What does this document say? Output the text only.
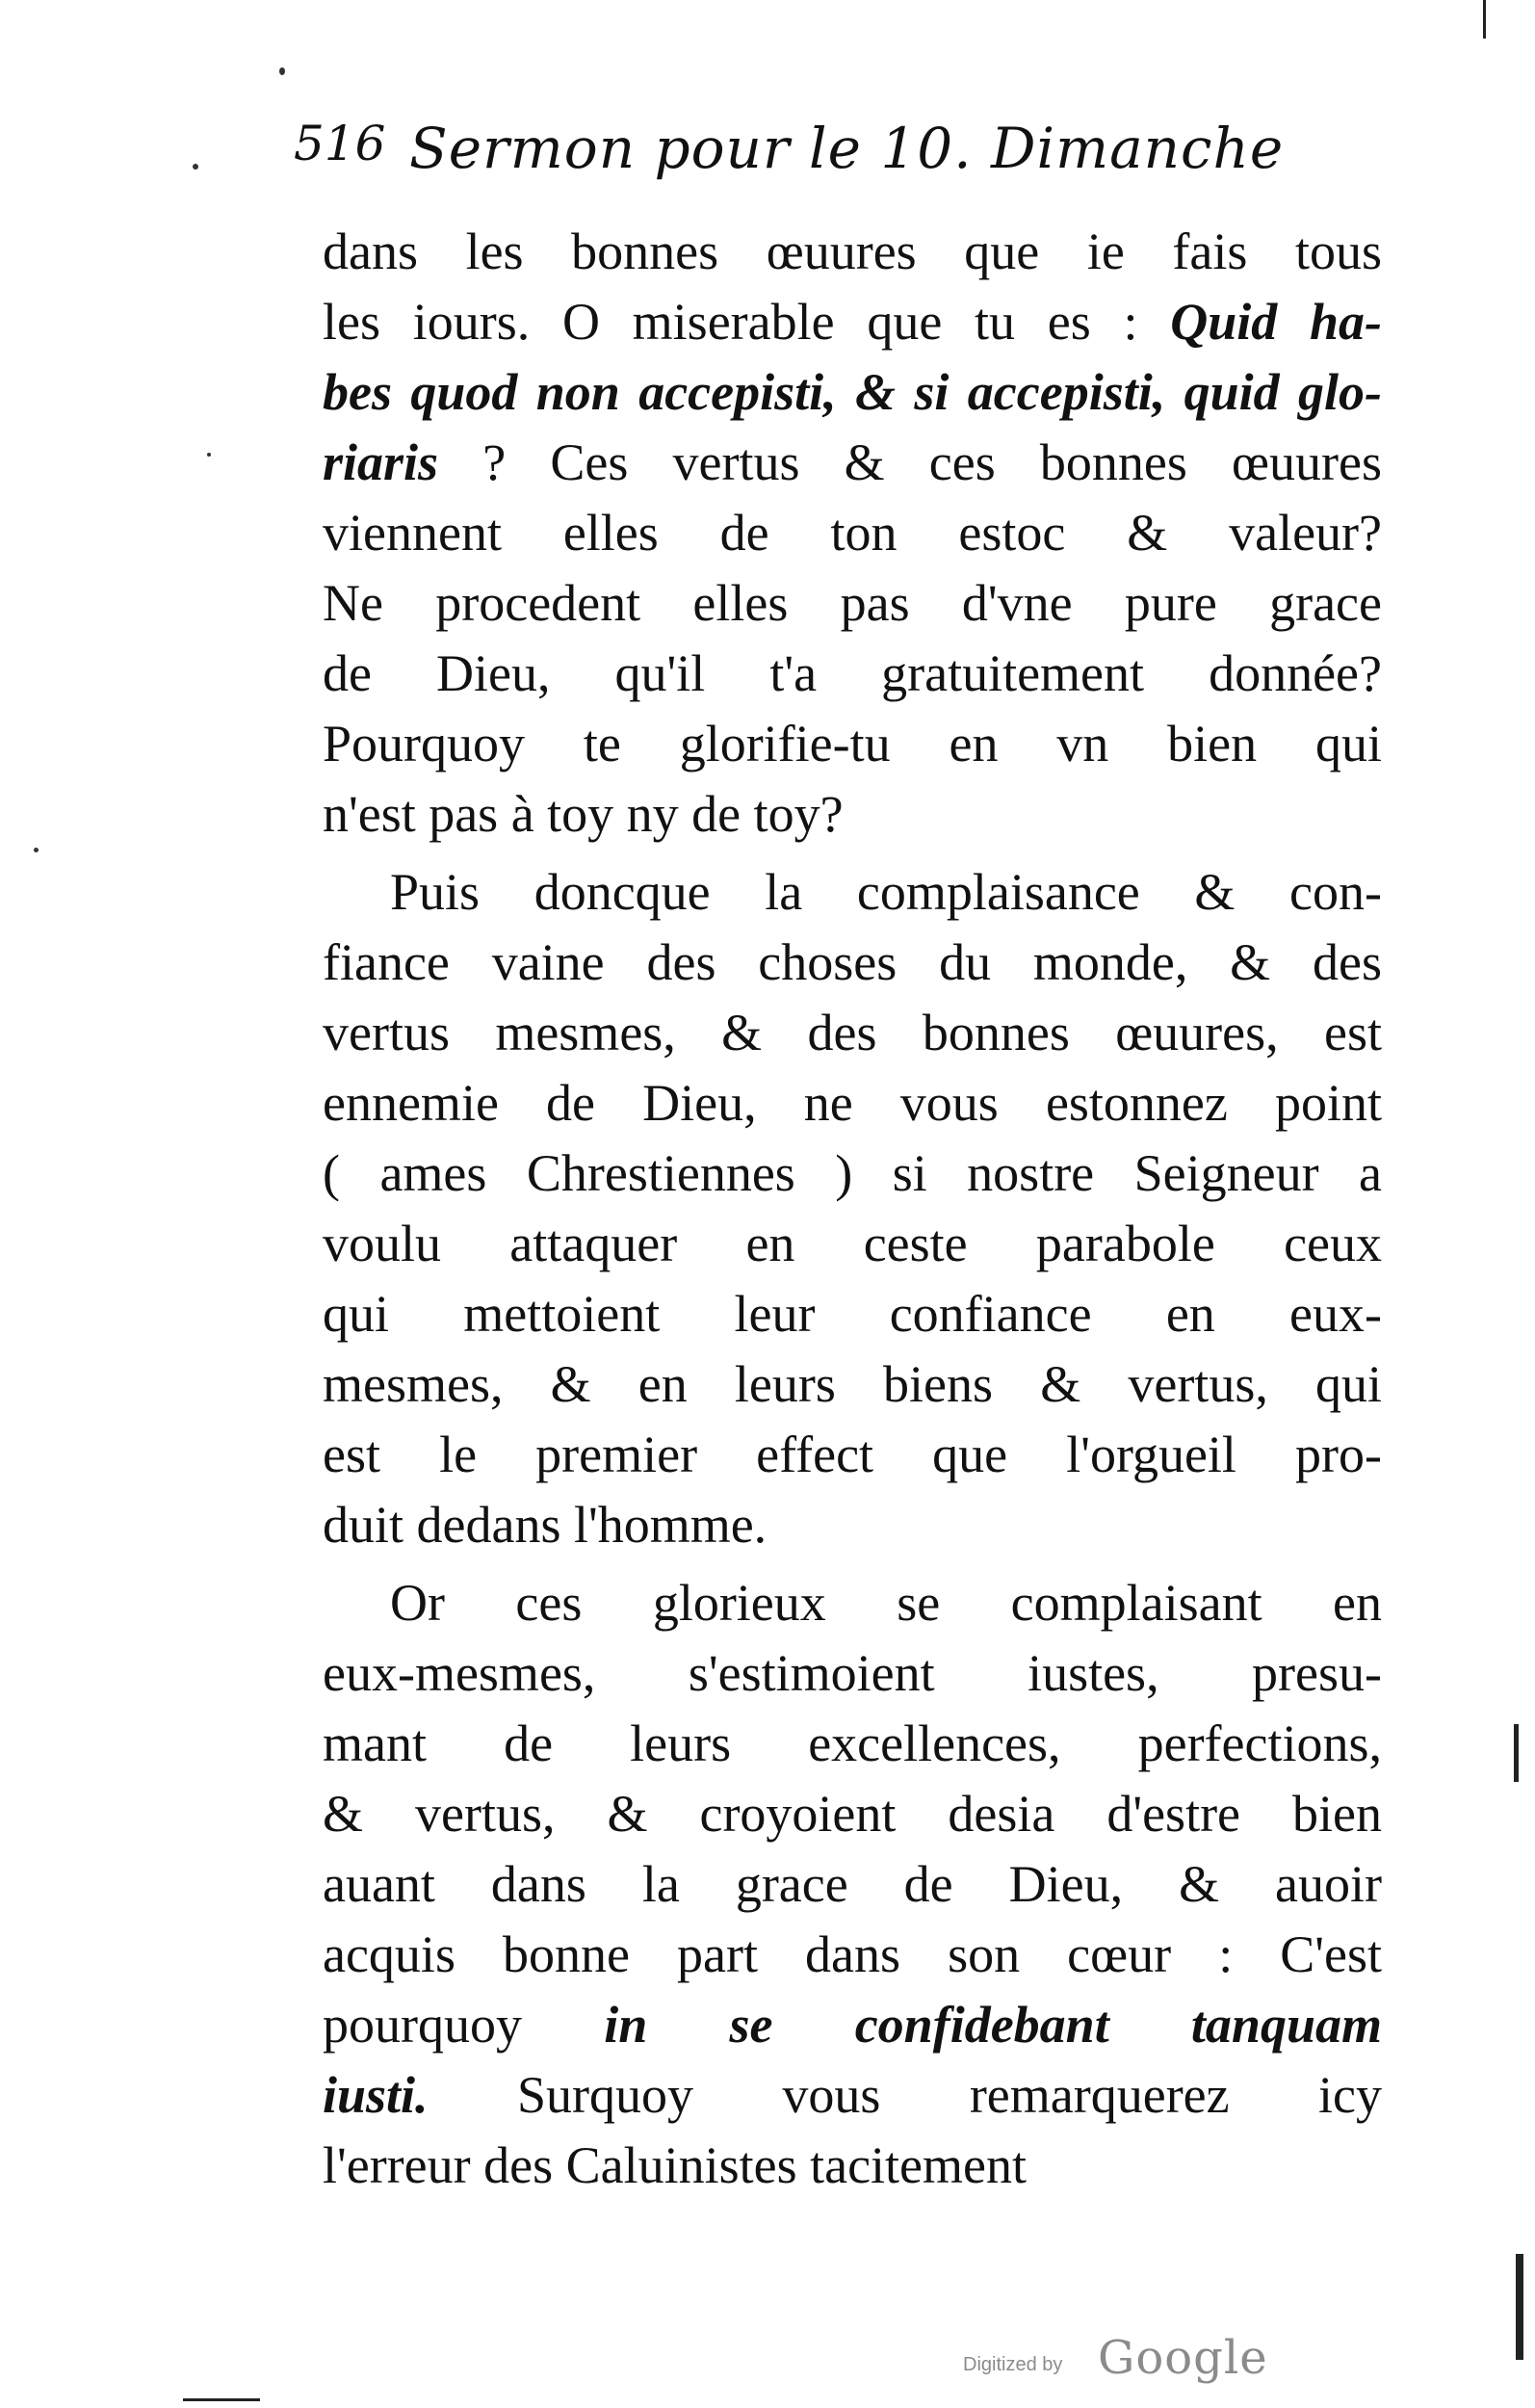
516 Sermon pour le 10. Dimanche
dans les bonnes œuures que ie fais tous
les iours. O miserable que tu es : Quid ha-
bes quod non accepisti, & si accepisti, quid glo-
riaris ? Ces vertus & ces bonnes œuures
viennent elles de ton estoc & valeur?
Ne procedent elles pas d'vne pure grace
de Dieu, qu'il t'a gratuitement donnée?
Pourquoy te glorifie-tu en vn bien qui
n'est pas à toy ny de toy?
Puis doncque la complaisance & con-
fiance vaine des choses du monde, & des
vertus mesmes, & des bonnes œuures, est
ennemie de Dieu, ne vous estonnez point
( ames Chrestiennes ) si nostre Seigneur a
voulu attaquer en ceste parabole ceux
qui mettoient leur confiance en eux-
mesmes, & en leurs biens & vertus, qui
est le premier effect que l'orgueil pro-
duit dedans l'homme.
Or ces glorieux se complaisant en
eux-mesmes, s'estimoient iustes, presu-
mant de leurs excellences, perfections,
& vertus, & croyoient desia d'estre bien
auant dans la grace de Dieu, & auoir
acquis bonne part dans son cœur : C'est
pourquoy in se confidebant tanquam
iusti. Surquoy vous remarquerez icy
l'erreur des Caluinistes tacitement
Digitized by Google
